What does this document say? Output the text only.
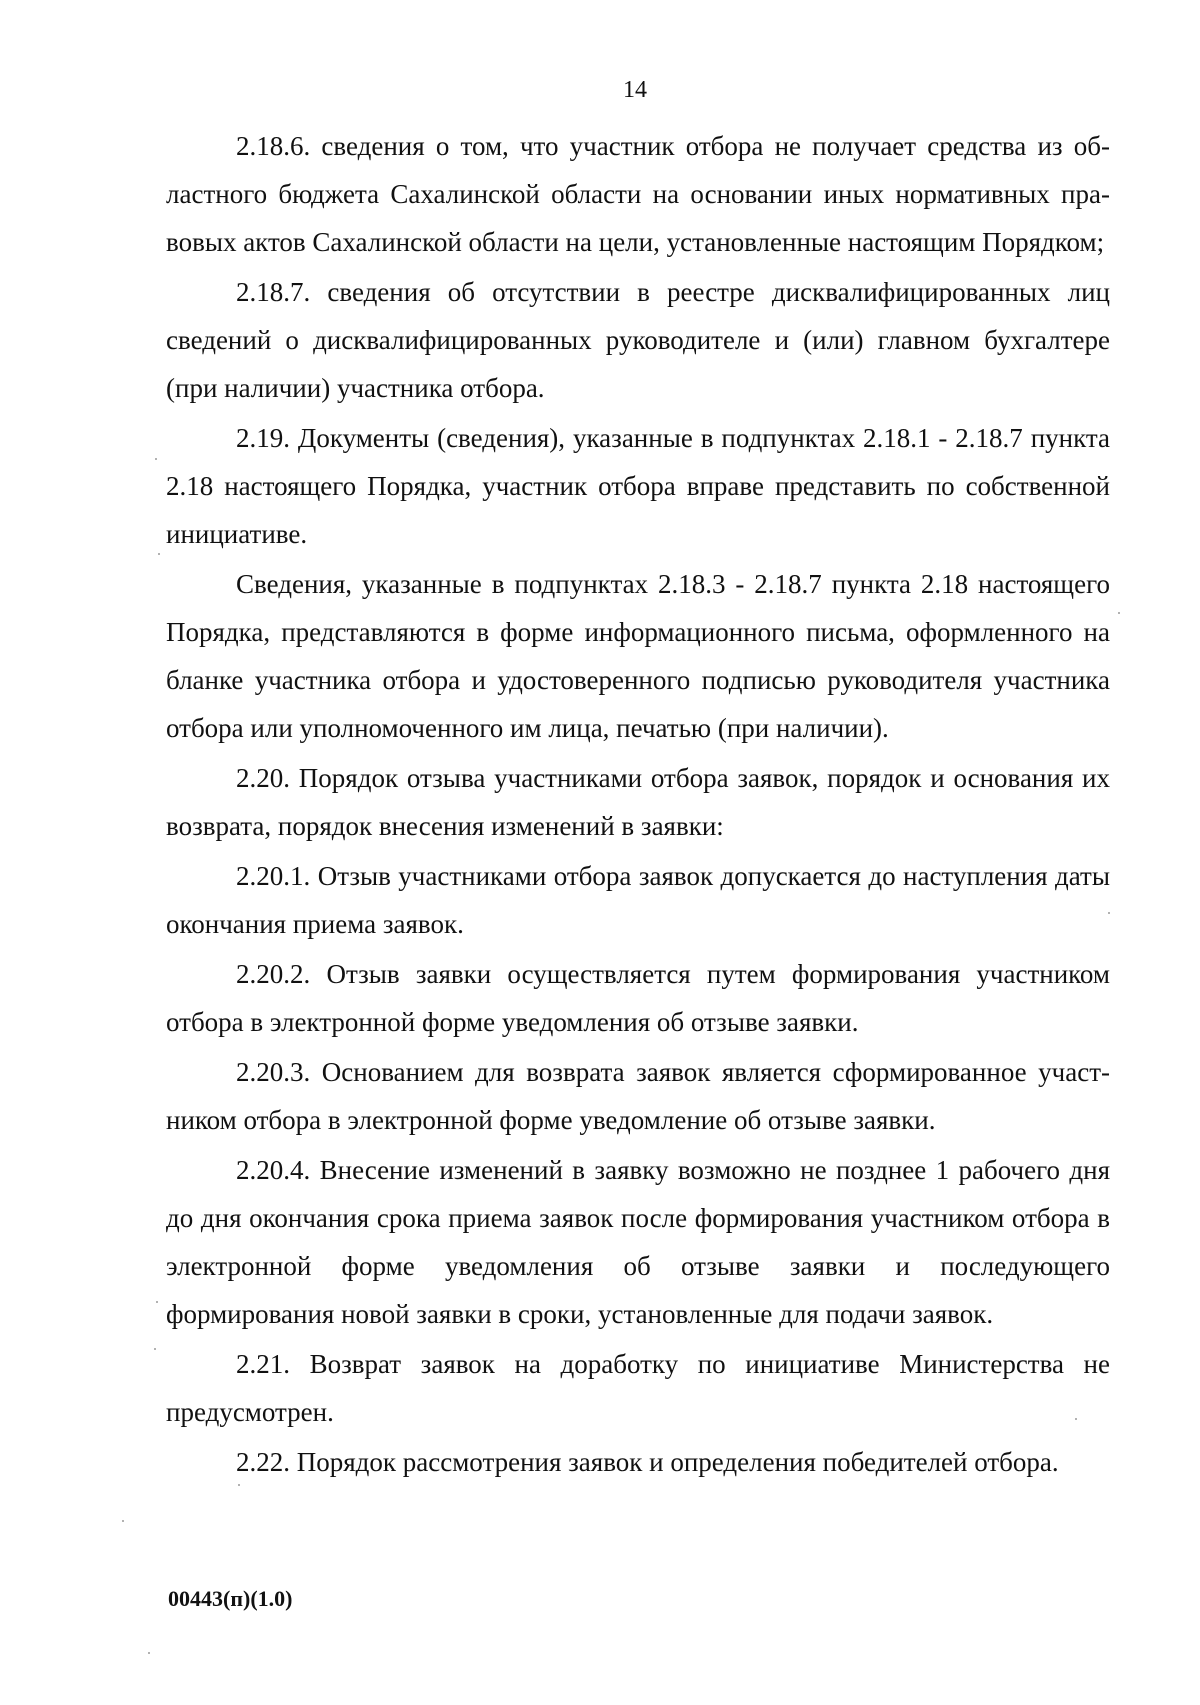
14

2.18.6. сведения о том, что участник отбора не получает средства из областного бюджета Сахалинской области на основании иных нормативных правовых актов Сахалинской области на цели, установленные настоящим Порядком;

2.18.7. сведения об отсутствии в реестре дисквалифицированных лиц сведений о дисквалифицированных руководителе и (или) главном бухгалтере (при наличии) участника отбора.

2.19. Документы (сведения), указанные в подпунктах 2.18.1 - 2.18.7 пункта 2.18 настоящего Порядка, участник отбора вправе представить по собственной инициативе.

Сведения, указанные в подпунктах 2.18.3 - 2.18.7 пункта 2.18 настоящего Порядка, представляются в форме информационного письма, оформленного на бланке участника отбора и удостоверенного подписью руководителя участника отбора или уполномоченного им лица, печатью (при наличии).

2.20. Порядок отзыва участниками отбора заявок, порядок и основания их возврата, порядок внесения изменений в заявки:

2.20.1. Отзыв участниками отбора заявок допускается до наступления даты окончания приема заявок.

2.20.2. Отзыв заявки осуществляется путем формирования участником отбора в электронной форме уведомления об отзыве заявки.

2.20.3. Основанием для возврата заявок является сформированное участником отбора в электронной форме уведомление об отзыве заявки.

2.20.4. Внесение изменений в заявку возможно не позднее 1 рабочего дня до дня окончания срока приема заявок после формирования участником отбора в электронной форме уведомления об отзыве заявки и последующего формирования новой заявки в сроки, установленные для подачи заявок.

2.21. Возврат заявок на доработку по инициативе Министерства не предусмотрен.

2.22. Порядок рассмотрения заявок и определения победителей отбора.

00443(п)(1.0)
